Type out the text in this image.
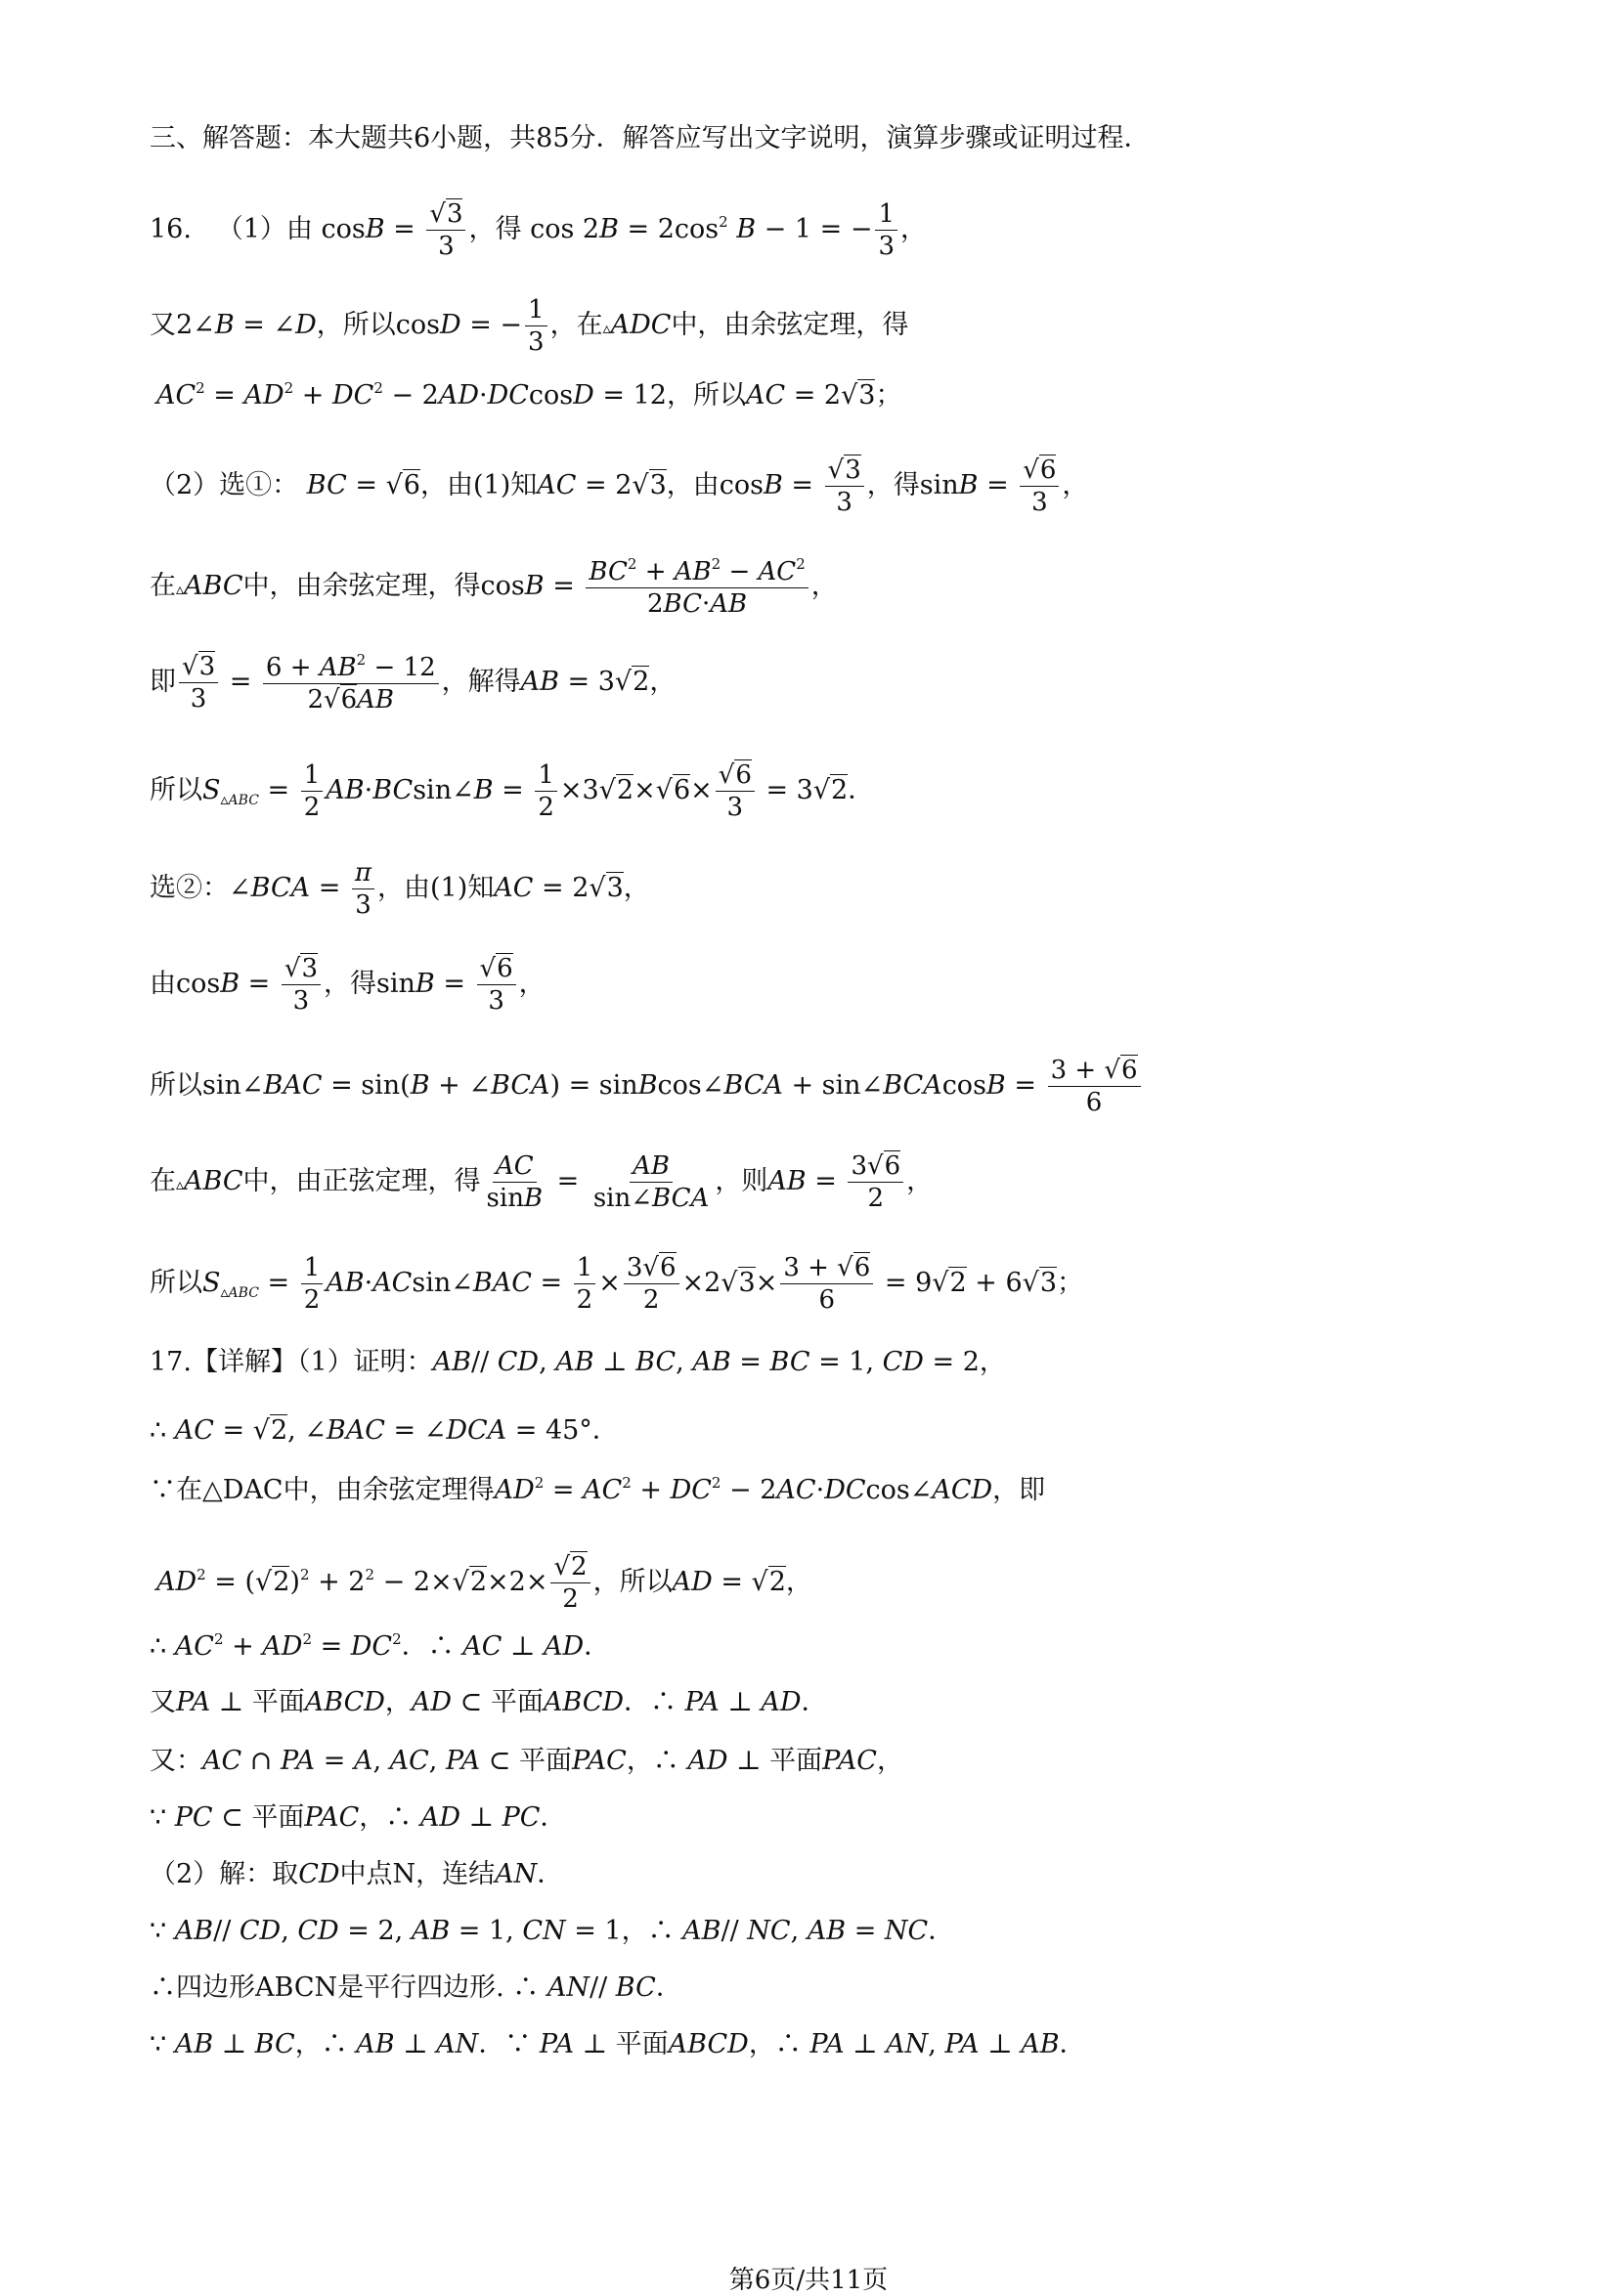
三、解答题：本大题共6小题，共85分．解答应写出文字说明，演算步骤或证明过程．
16. （1）由 $\cos B = \frac{√3}{3}$ ，得 $\cos 2B = 2\cos^2$ B − 1 = − $\frac{1}{3}$ ，
又2∠B = ∠D，所以cosD = − $\frac{1}{3}$ ，在▵ADC中，由余弦定理，得
$AC^2 = AD^2 + DC^2 - 2AD\cdot DCcosD = 12$，所以AC = 2√3；
（2）选①： BC = √6，由(1)知AC = 2√3，由$\cos B = \frac{√3}{3}$ ，得$\sin B = \frac{√6}{3}$ ，
在▵ABC中，由余弦定理，得$\cos B = \frac{BC^2 + AB^2 - AC^2}{2BC\cdot AB}$ ，
即 $\frac{√3}{3} = \frac{6 + AB^2 - 12}{2√6AB}$ ，解得AB = 3√2，
所以$S_{▵ABC} = \frac{1}{2}$ AB·BCsin∠B = $\frac{1}{2} \times 3√2\times√6\times \frac{√6}{3} = 3√2$．
选②：∠BCA = $\frac{\pi}{3}$ ，由(1)知AC = 2√3，
由$\cos B = \frac{√3}{3}$ ，得$\sin B = \frac{√6}{3}$ ，
所以sin∠BAC = sin(B + ∠BCA) = sinBcos∠BCA + sin∠BCAcosB = $\frac{3 + √6}{6}$
在▵ABC中，由正弦定理，得 $\frac{AC}{\sin B} = \frac{AB}{\text{sin∠BCA}}$ ，则AB = $\frac{3√6}{2}$ ，
所以$S_{▵ABC} = \frac{1}{2}$ AB·ACsin∠BAC = $\frac{1}{2} \times \frac{3√6}{2} \times 2√3\times \frac{3 + √6}{6} = 9√2 + 6√3$；
17.【详解】（1）证明：AB// CD, AB ⊥ BC, AB = BC = 1, CD = 2，
∴ AC = √2, ∠BAC = ∠DCA = 45°．
∵在△DAC中，由余弦定理得$AD^2 = AC^2 + DC^2$ − 2AC·DCcos∠ACD，即
$AD^2 = (√2)^2 + 2^2 - 2\times√2\times 2\times \frac{√2}{2}$ ，所以AD = √2，
∴ $AC^2 + AD^2 = DC^2$．∴ AC ⊥ AD．
又PA ⊥ 平面ABCD，AD ⊂ 平面ABCD．∴ PA ⊥ AD．
又：AC ∩ PA = A, AC, PA ⊂ 平面PAC，∴ AD ⊥ 平面PAC，
∵ PC ⊂ 平面PAC，∴ AD ⊥ PC．
（2）解：取CD中点N，连结AN．
∵ AB// CD, CD = 2, AB = 1, CN = 1，∴ AB// NC, AB = NC．
∴四边形ABCN是平行四边形. ∴ AN// BC．
∵ AB ⊥ BC，∴ AB ⊥ AN．∵ PA ⊥ 平面ABCD，∴ PA ⊥ AN, PA ⊥ AB．
第6页/共11页
